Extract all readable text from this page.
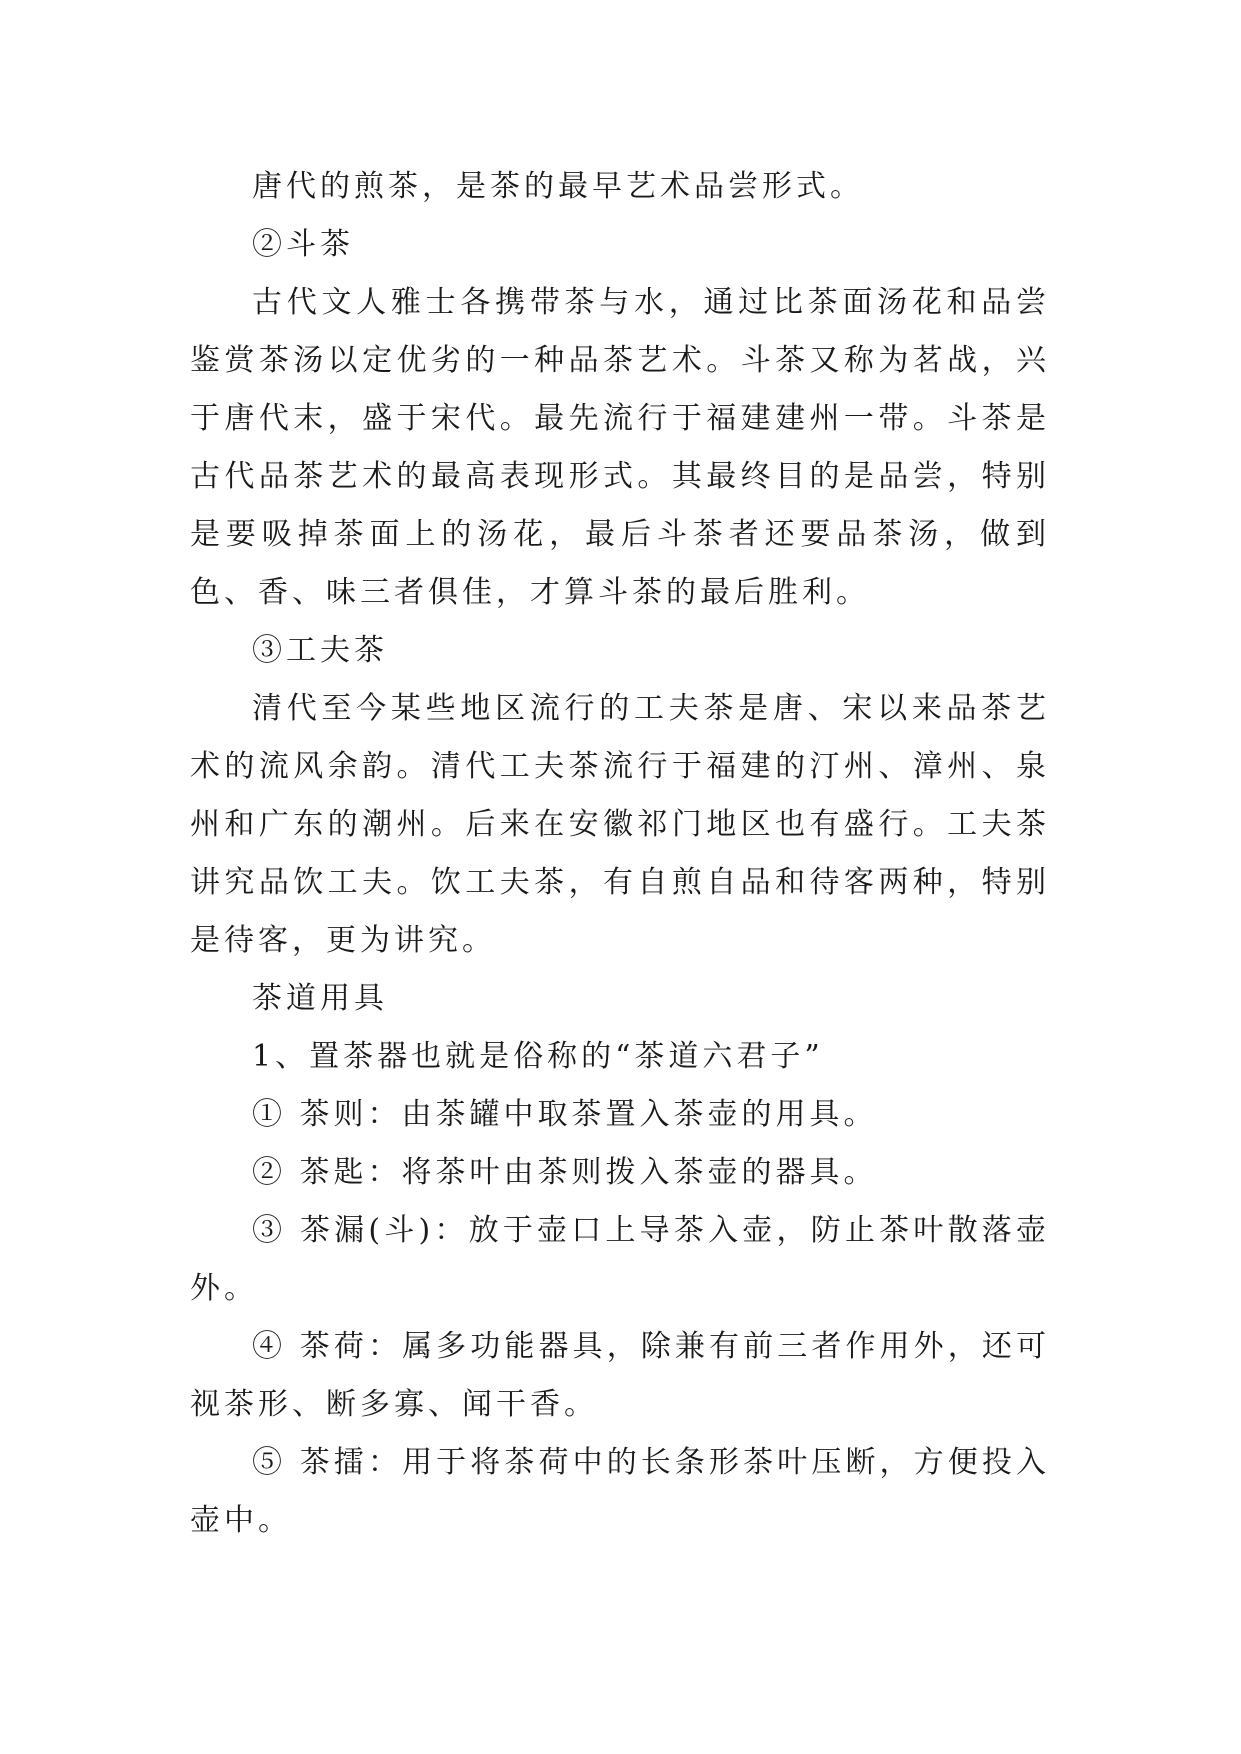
唐代的煎茶，是茶的最早艺术品尝形式。

②斗茶

古代文人雅士各携带茶与水，通过比茶面汤花和品尝鉴赏茶汤以定优劣的一种品茶艺术。斗茶又称为茗战，兴于唐代末，盛于宋代。最先流行于福建建州一带。斗茶是古代品茶艺术的最高表现形式。其最终目的是品尝，特别是要吸掉茶面上的汤花，最后斗茶者还要品茶汤，做到色、香、味三者俱佳，才算斗茶的最后胜利。

③工夫茶

清代至今某些地区流行的工夫茶是唐、宋以来品茶艺术的流风余韵。清代工夫茶流行于福建的汀州、漳州、泉州和广东的潮州。后来在安徽祁门地区也有盛行。工夫茶讲究品饮工夫。饮工夫茶，有自煎自品和待客两种，特别是待客，更为讲究。

茶道用具

1、置茶器也就是俗称的“茶道六君子”

① 茶则：由茶罐中取茶置入茶壶的用具。

② 茶匙：将茶叶由茶则拨入茶壶的器具。

③ 茶漏(斗)：放于壶口上导茶入壶，防止茶叶散落壶外。

④ 茶荷：属多功能器具，除兼有前三者作用外，还可视茶形、断多寡、闻干香。

⑤ 茶擂：用于将茶荷中的长条形茶叶压断，方便投入壶中。
